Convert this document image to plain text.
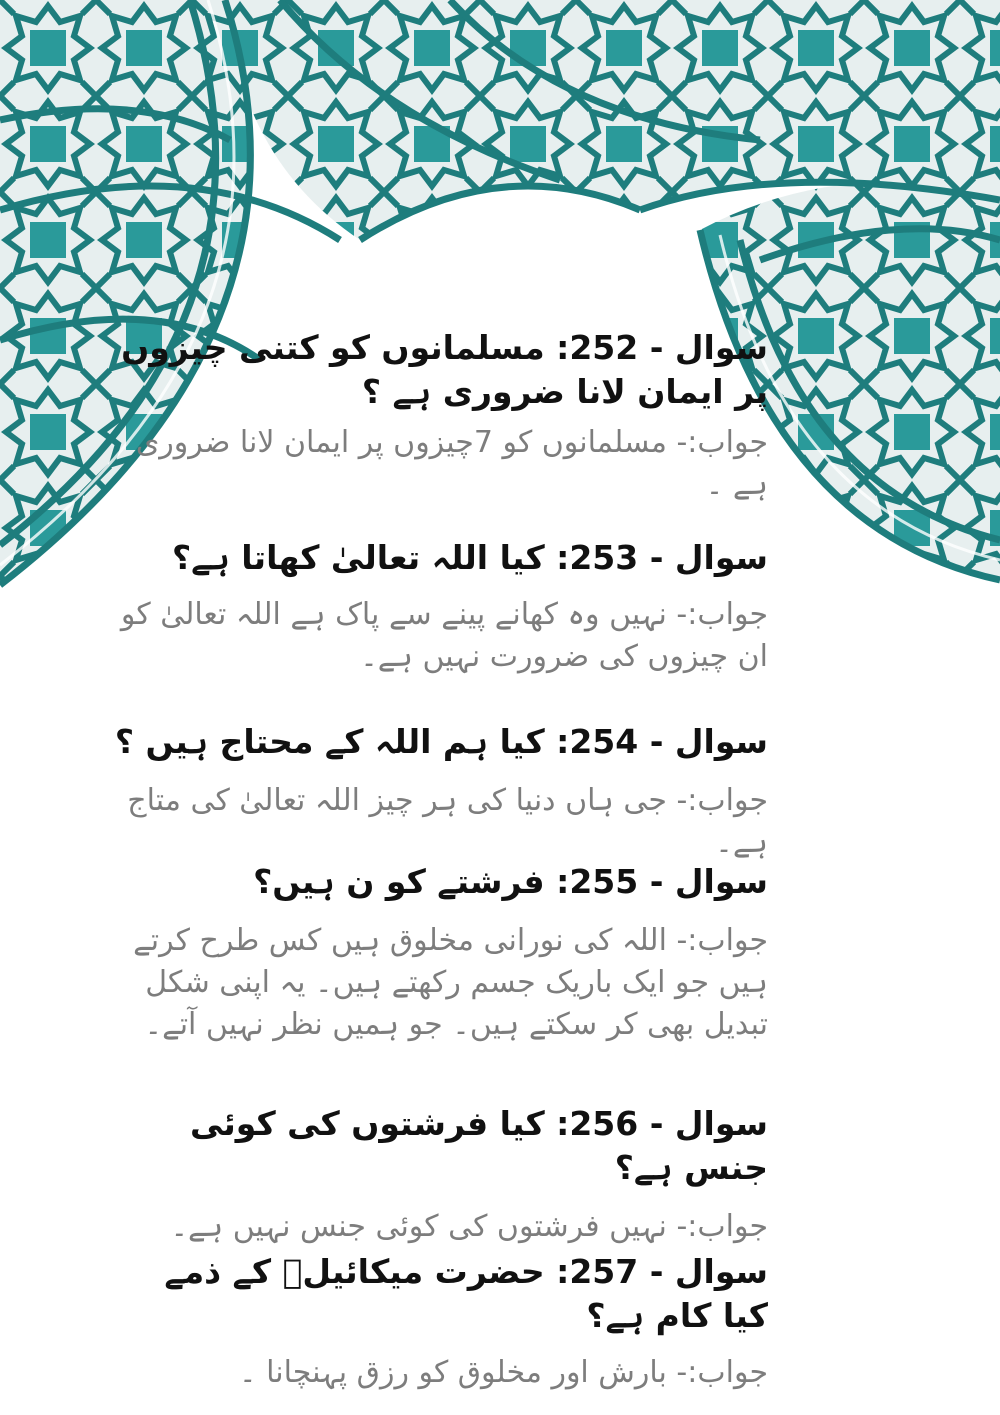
سوال - 252: مسلمانوں کو کتنی چیزوں پر ایمان لانا ضروری ہے ؟

جواب:- مسلمانوں کو 7چیزوں پر ایمان لانا ضروری ہے ۔

سوال - 253: کیا اللہ تعالیٰ کھاتا ہے؟

جواب:- نہیں وہ کھانے پینے سے پاک ہے اللہ تعالیٰ کو ان چیزوں کی ضرورت نہیں ہے۔

سوال - 254: کیا ہم اللہ کے محتاج ہیں ؟

جواب:- جی ہاں دنیا کی ہر چیز اللہ تعالیٰ کی متاج ہے۔

سوال - 255: فرشتے کو ن ہیں؟

جواب:- اللہ کی نورانی مخلوق ہیں کس طرح کرتے ہیں جو ایک باریک جسم رکھتے ہیں۔ یہ اپنی شکل تبدیل بھی کر سکتے ہیں۔ جو ہمیں نظر نہیں آتے۔

سوال - 256: کیا فرشتوں کی کوئی جنس ہے؟

جواب:- نہیں فرشتوں کی کوئی جنس نہیں ہے۔

سوال - 257: حضرت میکائیلؑ کے ذمے کیا کام ہے؟

جواب:- بارش اور مخلوق کو رزق پہنچانا ۔
